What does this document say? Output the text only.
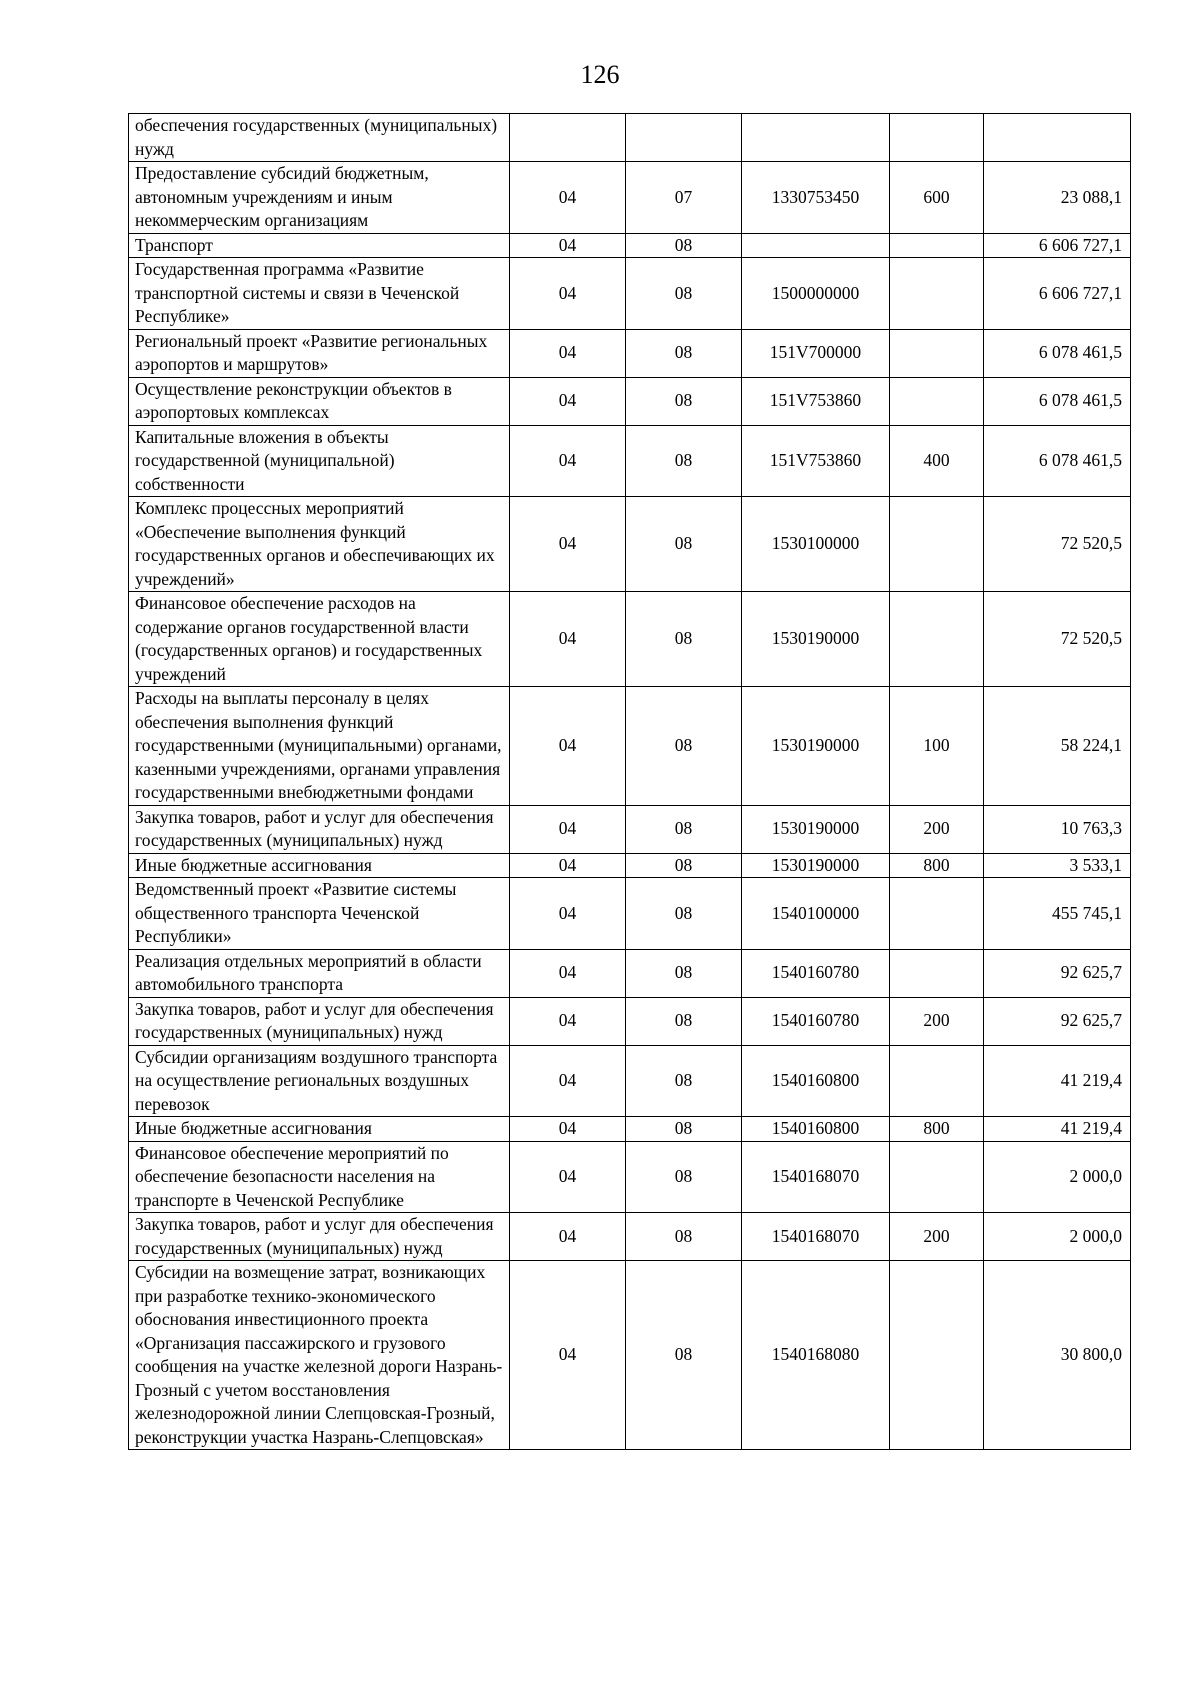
126
обеспечения государственных (муниципальных) нужд					
Предоставление субсидий бюджетным, автономным учреждениям и иным некоммерческим организациям	04	07	1330753450	600	23 088,1
Транспорт	04	08			6 606 727,1
Государственная программа «Развитие транспортной системы и связи в Чеченской Республике»	04	08	1500000000		6 606 727,1
Региональный проект «Развитие региональных аэропортов и маршрутов»	04	08	151V700000		6 078 461,5
Осуществление реконструкции объектов в аэропортовых комплексах	04	08	151V753860		6 078 461,5
Капитальные вложения в объекты государственной (муниципальной) собственности	04	08	151V753860	400	6 078 461,5
Комплекс процессных мероприятий «Обеспечение выполнения функций государственных органов и обеспечивающих их учреждений»	04	08	1530100000		72 520,5
Финансовое обеспечение расходов на содержание органов государственной власти (государственных органов) и государственных учреждений	04	08	1530190000		72 520,5
Расходы на выплаты персоналу в целях обеспечения выполнения функций государственными (муниципальными) органами, казенными учреждениями, органами управления государственными внебюджетными фондами	04	08	1530190000	100	58 224,1
Закупка товаров, работ и услуг для обеспечения государственных (муниципальных) нужд	04	08	1530190000	200	10 763,3
Иные бюджетные ассигнования	04	08	1530190000	800	3 533,1
Ведомственный проект «Развитие системы общественного транспорта Чеченской Республики»	04	08	1540100000		455 745,1
Реализация отдельных мероприятий в области автомобильного транспорта	04	08	1540160780		92 625,7
Закупка товаров, работ и услуг для обеспечения государственных (муниципальных) нужд	04	08	1540160780	200	92 625,7
Субсидии организациям воздушного транспорта на осуществление региональных воздушных перевозок	04	08	1540160800		41 219,4
Иные бюджетные ассигнования	04	08	1540160800	800	41 219,4
Финансовое обеспечение мероприятий по обеспечение безопасности населения на транспорте в Чеченской Республике	04	08	1540168070		2 000,0
Закупка товаров, работ и услуг для обеспечения государственных (муниципальных) нужд	04	08	1540168070	200	2 000,0
Субсидии на возмещение затрат, возникающих при разработке технико-экономического обоснования инвестиционного проекта «Организация пассажирского и грузового сообщения на участке железной дороги Назрань-Грозный с учетом восстановления железнодорожной линии Слепцовская-Грозный, реконструкции участка Назрань-Слепцовская»	04	08	1540168080		30 800,0
